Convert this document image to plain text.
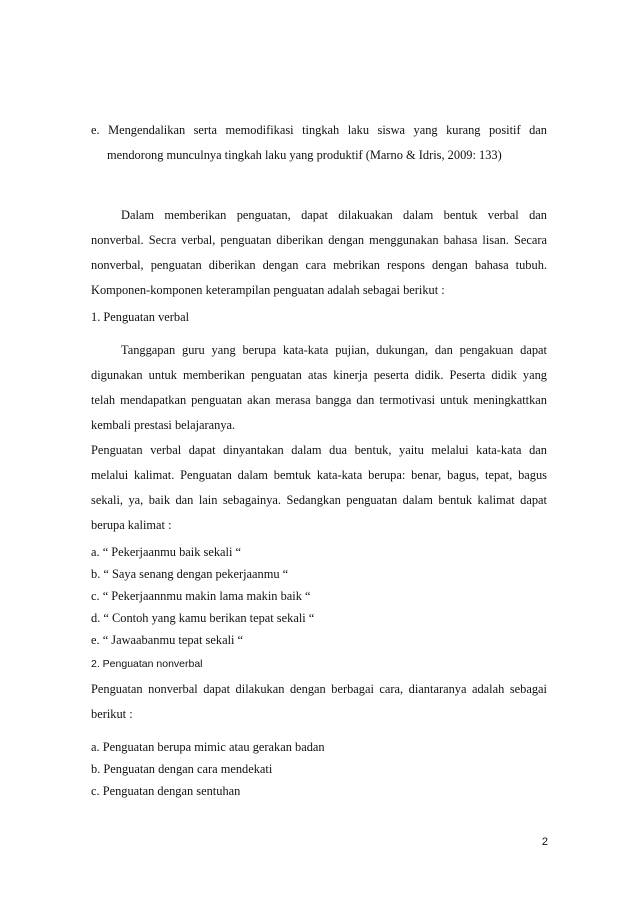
e. Mengendalikan serta memodifikasi tingkah laku siswa yang kurang positif dan
mendorong munculnya tingkah laku yang produktif (Marno & Idris, 2009: 133)
Dalam memberikan penguatan, dapat dilakuakan dalam bentuk verbal dan
nonverbal. Secra verbal, penguatan diberikan dengan menggunakan bahasa lisan. Secara
nonverbal, penguatan diberikan dengan cara mebrikan respons dengan bahasa tubuh.
Komponen-komponen keterampilan penguatan adalah sebagai berikut :
1. Penguatan verbal
Tanggapan guru yang berupa kata-kata pujian, dukungan, dan pengakuan dapat
digunakan untuk memberikan penguatan atas kinerja peserta didik. Peserta didik yang
telah mendapatkan penguatan akan merasa bangga dan termotivasi untuk meningkattkan
kembali prestasi belajaranya.
Penguatan verbal dapat dinyantakan dalam dua bentuk, yaitu melalui kata-kata dan
melalui kalimat. Penguatan dalam bemtuk kata-kata berupa: benar, bagus, tepat, bagus
sekali, ya, baik dan lain sebagainya. Sedangkan penguatan dalam bentuk kalimat dapat
berupa kalimat :
a. “ Pekerjaanmu baik sekali “
b. “ Saya senang dengan pekerjaanmu “
c. “ Pekerjaannmu makin lama makin baik “
d. “ Contoh yang kamu berikan tepat sekali “
e. “ Jawaabanmu tepat sekali “
2. Penguatan nonverbal
Penguatan nonverbal dapat dilakukan dengan berbagai cara, diantaranya adalah sebagai
berikut :
a. Penguatan berupa mimic atau gerakan badan
b. Penguatan dengan cara mendekati
c. Penguatan dengan sentuhan
2
